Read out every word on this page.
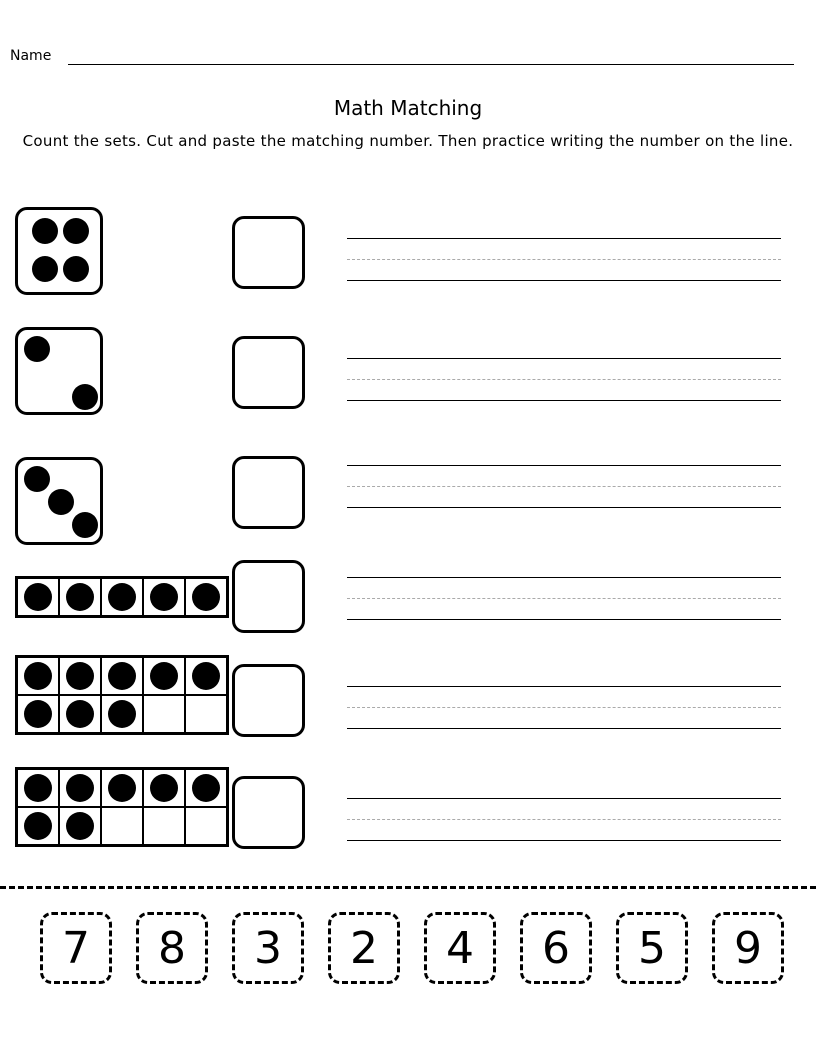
Name
Math Matching
Count the sets. Cut and paste the matching number. Then practice writing the number on the line.
7	8	3	2	4	6	5	9
